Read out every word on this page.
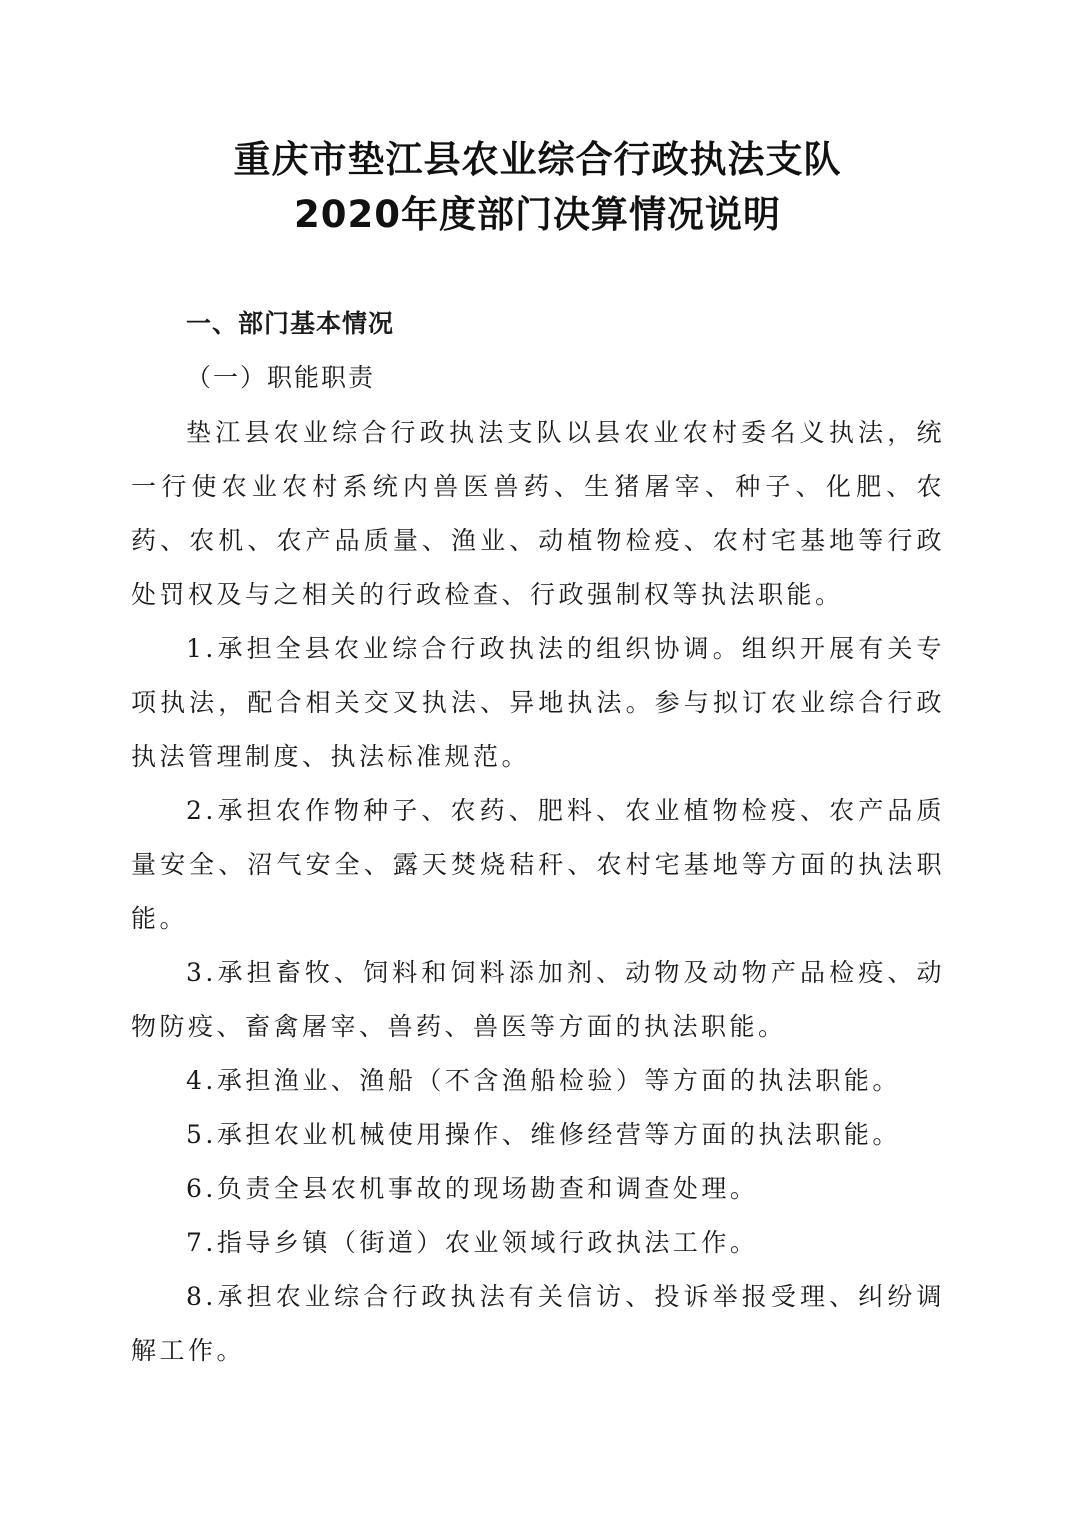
重庆市垫江县农业综合行政执法支队
2020年度部门决算情况说明
一、部门基本情况
（一）职能职责

垫江县农业综合行政执法支队以县农业农村委名义执法，统一行使农业农村系统内兽医兽药、生猪屠宰、种子、化肥、农药、农机、农产品质量、渔业、动植物检疫、农村宅基地等行政处罚权及与之相关的行政检查、行政强制权等执法职能。

1.承担全县农业综合行政执法的组织协调。组织开展有关专项执法，配合相关交叉执法、异地执法。参与拟订农业综合行政执法管理制度、执法标准规范。

2.承担农作物种子、农药、肥料、农业植物检疫、农产品质量安全、沼气安全、露天焚烧秸秆、农村宅基地等方面的执法职能。

3.承担畜牧、饲料和饲料添加剂、动物及动物产品检疫、动物防疫、畜禽屠宰、兽药、兽医等方面的执法职能。

4.承担渔业、渔船（不含渔船检验）等方面的执法职能。

5.承担农业机械使用操作、维修经营等方面的执法职能。

6.负责全县农机事故的现场勘查和调查处理。

7.指导乡镇（街道）农业领域行政执法工作。

8.承担农业综合行政执法有关信访、投诉举报受理、纠纷调解工作。
